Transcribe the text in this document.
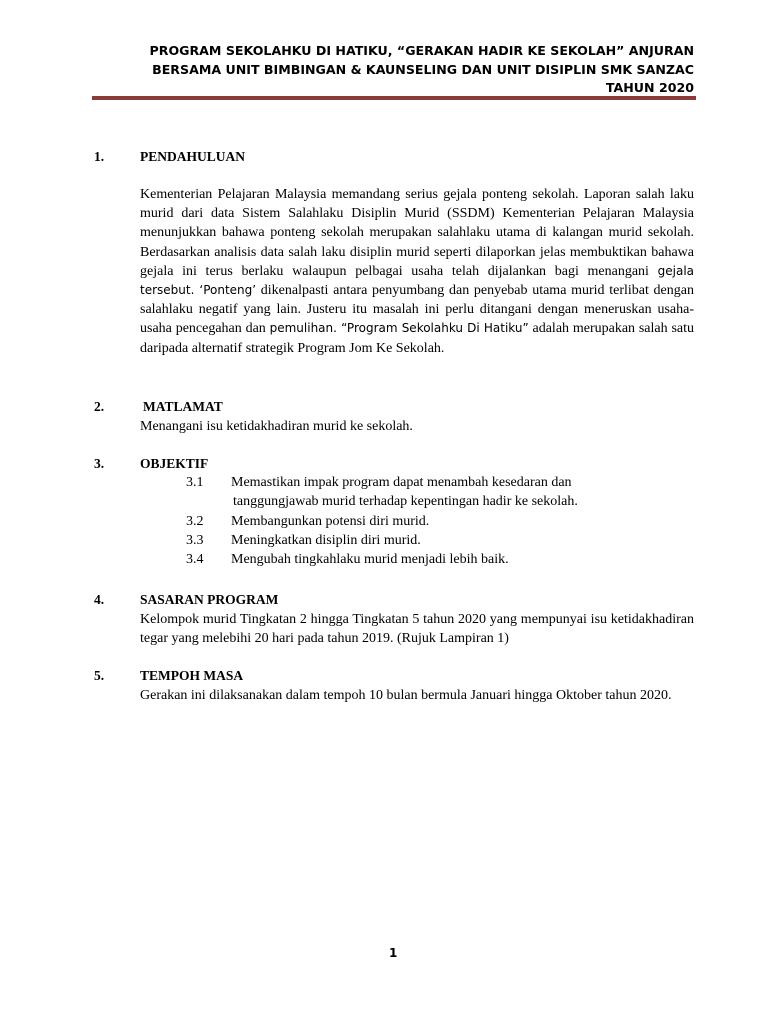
PROGRAM SEKOLAHKU DI HATIKU, “GERAKAN HADIR KE SEKOLAH” ANJURAN
BERSAMA UNIT BIMBINGAN & KAUNSELING DAN UNIT DISIPLIN SMK SANZAC
TAHUN 2020
1.	PENDAHULUAN
Kementerian Pelajaran Malaysia memandang serius gejala ponteng sekolah. Laporan salah laku murid dari data Sistem Salahlaku Disiplin Murid (SSDM) Kementerian Pelajaran Malaysia menunjukkan bahawa ponteng sekolah merupakan salahlaku utama di kalangan murid sekolah. Berdasarkan analisis data salah laku disiplin murid seperti dilaporkan jelas membuktikan bahawa gejala ini terus berlaku walaupun pelbagai usaha telah dijalankan bagi menangani gejala tersebut. ‘Ponteng’ dikenalpasti antara penyumbang dan penyebab utama murid terlibat dengan salahlaku negatif yang lain. Justeru itu masalah ini perlu ditangani dengan meneruskan usaha-usaha pencegahan dan pemulihan. “Program Sekolahku Di Hatiku” adalah merupakan salah satu daripada alternatif strategik Program Jom Ke Sekolah.
2.	MATLAMAT
Menangani isu ketidakhadiran murid ke sekolah.
3.	OBJEKTIF
3.1 Memastikan impak program dapat menambah kesedaran dan
tanggungjawab murid terhadap kepentingan hadir ke sekolah.
3.2 Membangunkan potensi diri murid.
3.3 Meningkatkan disiplin diri murid.
3.4 Mengubah tingkahlaku murid menjadi lebih baik.
4.	SASARAN PROGRAM
Kelompok murid Tingkatan 2 hingga Tingkatan 5 tahun 2020 yang mempunyai isu ketidakhadiran tegar yang melebihi 20 hari pada tahun 2019. (Rujuk Lampiran 1)
5.	TEMPOH MASA
Gerakan ini dilaksanakan dalam tempoh 10 bulan bermula Januari hingga Oktober tahun 2020.
1
